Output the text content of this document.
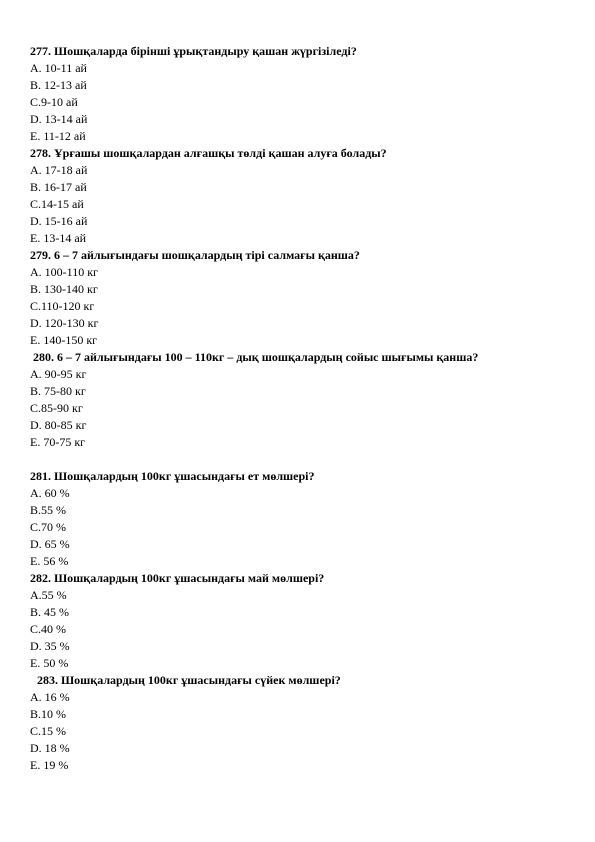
277. Шошқаларда бірінші ұрықтандыру қашан жүргізіледі?
A. 10-11 ай
B. 12-13 ай
C.9-10 ай
D. 13-14 ай
E. 11-12 ай
278. Ұрғашы шошқалардан алғашқы төлді қашан алуға болады?
A. 17-18 ай
B. 16-17 ай
C.14-15 ай
D. 15-16 ай
E. 13-14 ай
279. 6 – 7 айлығындағы шошқалардың тірі салмағы қанша?
A. 100-110 кг
B. 130-140 кг
C.110-120 кг
D. 120-130 кг
E. 140-150 кг
280. 6 – 7 айлығындағы 100 – 110кг – дық шошқалардың сойыс шығымы қанша?
A. 90-95 кг
B. 75-80 кг
C.85-90 кг
D. 80-85 кг
E. 70-75 кг
281. Шошқалардың 100кг ұшасындағы ет мөлшері?
A. 60 %
B.55 %
C.70 %
D. 65 %
E. 56 %
282. Шошқалардың 100кг ұшасындағы май мөлшері?
A.55 %
B. 45 %
C.40 %
D. 35 %
E. 50 %
283. Шошқалардың 100кг ұшасындағы сүйек мөлшері?
A. 16 %
B.10 %
C.15 %
D. 18 %
E. 19 %
